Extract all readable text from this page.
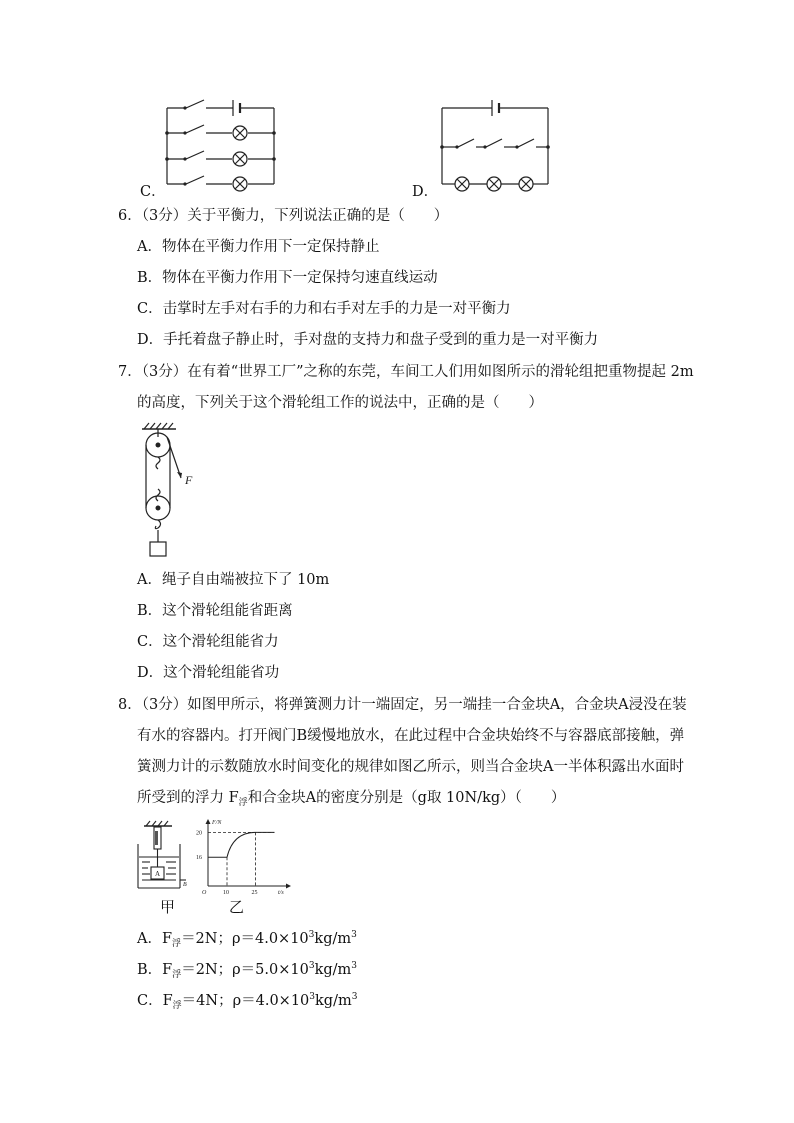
C．	D．
6．（3分）关于平衡力，下列说法正确的是（　　）
A．物体在平衡力作用下一定保持静止
B．物体在平衡力作用下一定保持匀速直线运动
C．击掌时左手对右手的力和右手对左手的力是一对平衡力
D．手托着盘子静止时，手对盘的支持力和盘子受到的重力是一对平衡力
7．（3分）在有着“世界工厂”之称的东莞，车间工人们用如图所示的滑轮组把重物提起 2m
的高度，下列关于这个滑轮组工作的说法中，正确的是（　　）
F
A．绳子自由端被拉下了 10m
B．这个滑轮组能省距离
C．这个滑轮组能省力
D．这个滑轮组能省功
8．（3分）如图甲所示，将弹簧测力计一端固定，另一端挂一合金块A，合金块A浸没在装
有水的容器内。打开阀门B缓慢地放水，在此过程中合金块始终不与容器底部接触，弹
簧测力计的示数随放水时间变化的规律如图乙所示，则当合金块A一半体积露出水面时
所受到的浮力 $F_浮$和合金块A的密度分别是（g取 10N/kg）（　　）
A
B
F/N
t/s
O
20
16
10	25
甲	乙
A．$F_浮=2N$；$\rho=4.0\times 10^3kg/m^3$
B．$F_浮=2N$；$\rho=5.0\times 10^3kg/m^3$
C．$F_浮=4N$；$\rho=4.0\times 10^3kg/m^3$
